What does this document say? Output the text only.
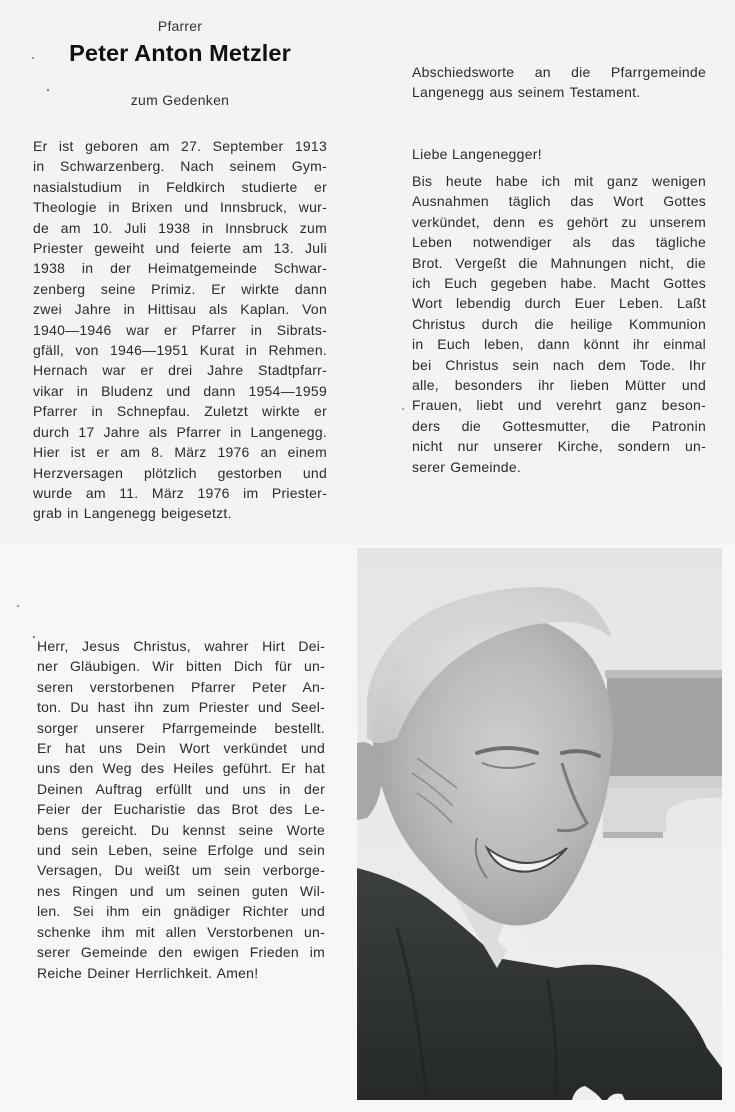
Pfarrer
Peter Anton Metzler
zum Gedenken
Er ist geboren am 27. September 1913
in Schwarzenberg. Nach seinem Gym-
nasialstudium in Feldkirch studierte er
Theologie in Brixen und Innsbruck, wur-
de am 10. Juli 1938 in Innsbruck zum
Priester geweiht und feierte am 13. Juli
1938 in der Heimatgemeinde Schwar-
zenberg seine Primiz. Er wirkte dann
zwei Jahre in Hittisau als Kaplan. Von
1940—1946 war er Pfarrer in Sibrats-
gfäll, von 1946—1951 Kurat in Rehmen.
Hernach war er drei Jahre Stadtpfarr-
vikar in Bludenz und dann 1954—1959
Pfarrer in Schnepfau. Zuletzt wirkte er
durch 17 Jahre als Pfarrer in Langenegg.
Hier ist er am 8. März 1976 an einem
Herzversagen plötzlich gestorben und
wurde am 11. März 1976 im Priester-
grab in Langenegg beigesetzt.
Abschiedsworte an die Pfarrgemeinde
Langenegg aus seinem Testament.
Liebe Langenegger!
Bis heute habe ich mit ganz wenigen
Ausnahmen täglich das Wort Gottes
verkündet, denn es gehört zu unserem
Leben notwendiger als das tägliche
Brot. Vergeßt die Mahnungen nicht, die
ich Euch gegeben habe. Macht Gottes
Wort lebendig durch Euer Leben. Laßt
Christus durch die heilige Kommunion
in Euch leben, dann könnt ihr einmal
bei Christus sein nach dem Tode. Ihr
alle, besonders ihr lieben Mütter und
Frauen, liebt und verehrt ganz beson-
ders die Gottesmutter, die Patronin
nicht nur unserer Kirche, sondern un-
serer Gemeinde.
Herr, Jesus Christus, wahrer Hirt Dei-
ner Gläubigen. Wir bitten Dich für un-
seren verstorbenen Pfarrer Peter An-
ton. Du hast ihn zum Priester und Seel-
sorger unserer Pfarrgemeinde bestellt.
Er hat uns Dein Wort verkündet und
uns den Weg des Heiles geführt. Er hat
Deinen Auftrag erfüllt und uns in der
Feier der Eucharistie das Brot des Le-
bens gereicht. Du kennst seine Worte
und sein Leben, seine Erfolge und sein
Versagen, Du weißt um sein verborge-
nes Ringen und um seinen guten Wil-
len. Sei ihm ein gnädiger Richter und
schenke ihm mit allen Verstorbenen un-
serer Gemeinde den ewigen Frieden im
Reiche Deiner Herrlichkeit. Amen!
